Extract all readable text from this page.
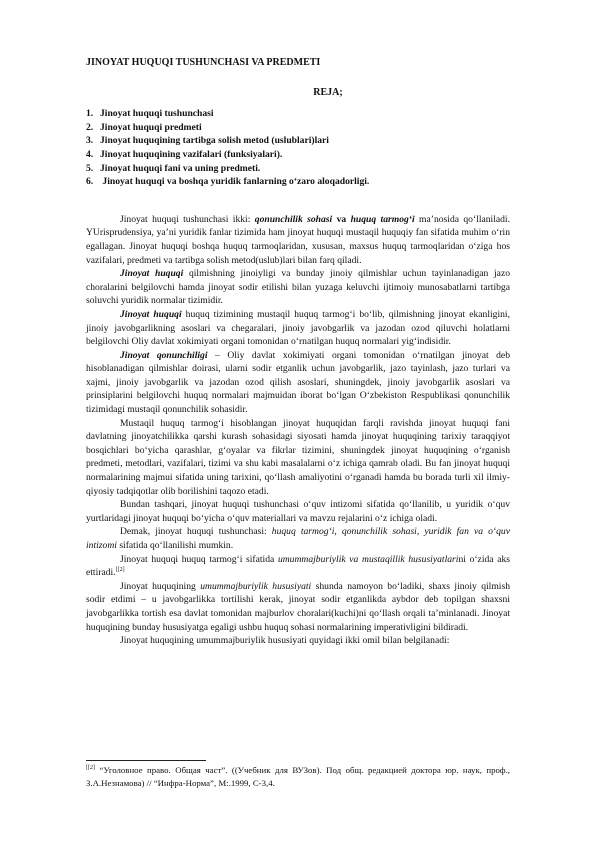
JINOYAT HUQUQI TUSHUNCHASI VA PREDMETI
REJA;
1. Jinoyat huquqi tushunchasi
2. Jinoyat huquqi predmeti
3. Jinoyat huquqining tartibga solish metod (uslublari)lari
4. Jinoyat huquqining vazifalari (funksiyalari).
5. Jinoyat huquqi fani va uning predmeti.
6. Jinoyat huquqi va boshqa yuridik fanlarning o‘zaro aloqadorligi.

Jinoyat huquqi tushunchasi ikki: qonunchilik sohasi va huquq tarmog‘i ma’nosida qo‘llaniladi. YUrisprudensiya, ya’ni yuridik fanlar tizimida ham jinoyat huquqi mustaqil huquqiy fan sifatida muhim o‘rin egallagan. Jinoyat huquqi boshqa huquq tarmoqlaridan, xususan, maxsus huquq tarmoqlaridan o‘ziga hos vazifalari, predmeti va tartibga solish metod(uslub)lari bilan farq qiladi.

Jinoyat huquqi qilmishning jinoiyligi va bunday jinoiy qilmishlar uchun tayinlanadigan jazo choralarini belgilovchi hamda jinoyat sodir etilishi bilan yuzaga keluvchi ijtimoiy munosabatlarni tartibga soluvchi yuridik normalar tizimidir.

Jinoyat huquqi huquq tizimining mustaqil huquq tarmog‘i bo‘lib, qilmishning jinoyat ekanligini, jinoiy javobgarlikning asoslari va chegaralari, jinoiy javobgarlik va jazodan ozod qiluvchi holatlarni belgilovchi Oliy davlat xokimiyati organi tomonidan o‘rnatilgan huquq normalari yig‘indisidir.

Jinoyat qonunchiligi – Oliy davlat xokimiyati organi tomonidan o‘rnatilgan jinoyat deb hisoblanadigan qilmishlar doirasi, ularni sodir etganlik uchun javobgarlik, jazo tayinlash, jazo turlari va xajmi, jinoiy javobgarlik va jazodan ozod qilish asoslari, shuningdek, jinoiy javobgarlik asoslari va prinsiplarini belgilovchi huquq normalari majmuidan iborat bo‘lgan O‘zbekiston Respublikasi qonunchilik tizimidagi mustaqil qonunchilik sohasidir.

Mustaqil huquq tarmog‘i hisoblangan jinoyat huquqidan farqli ravishda jinoyat huquqi fani davlatning jinoyatchilikka qarshi kurash sohasidagi siyosati hamda jinoyat huquqining tarixiy taraqqiyot bosqichlari bo‘yicha qarashlar, g‘oyalar va fikrlar tizimini, shuningdek jinoyat huquqining o‘rganish predmeti, metodlari, vazifalari, tizimi va shu kabi masalalarni o‘z ichiga qamrab oladi. Bu fan jinoyat huquqi normalarining majmui sifatida uning tarixini, qo‘llash amaliyotini o‘rganadi hamda bu borada turli xil ilmiy-qiyosiy tadqiqotlar olib borilishini taqozo etadi.

Bundan tashqari, jinoyat huquqi tushunchasi o‘quv intizomi sifatida qo‘llanilib, u yuridik o‘quv yurtlaridagi jinoyat huquqi bo‘yicha o‘quv materiallari va mavzu rejalarini o‘z ichiga oladi.

Demak, jinoyat huquqi tushunchasi: huquq tarmog‘i, qonunchilik sohasi, yuridik fan va o‘quv intizomi sifatida qo‘llanilishi mumkin.

Jinoyat huquqi huquq tarmog‘i sifatida umummajburiylik va mustaqillik hususiyatlarini o‘zida aks ettiradi.[[2]

Jinoyat huquqining umummajburiylik hususiyati shunda namoyon bo‘ladiki, shaxs jinoiy qilmish sodir etdimi – u javobgarlikka tortilishi kerak, jinoyat sodir etganlikda aybdor deb topilgan shaxsni javobgarlikka tortish esa davlat tomonidan majburlov choralari(kuchi)ni qo‘llash orqali ta’minlanadi. Jinoyat huquqining bunday hususiyatga egaligi ushbu huquq sohasi normalarining imperativligini bildiradi.

Jinoyat huquqining umummajburiylik hususiyati quyidagi ikki omil bilan belgilanadi:

[[2] “Уголовное право. Общая част”. ((Учебник для ВУЗов). Под общ. редакцией доктора юр. наук, проф., З.А.Незнамова) // “Инфра-Норма”, М:.1999, С-3,4.
